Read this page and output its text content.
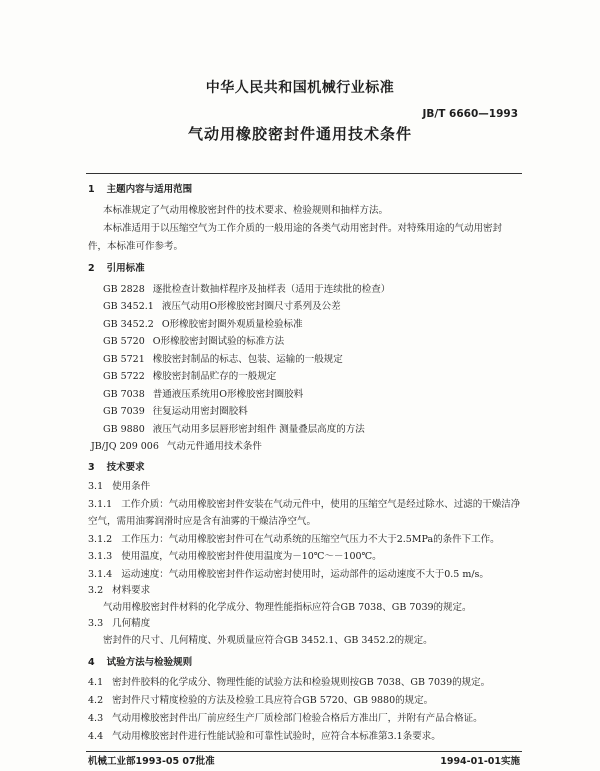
中华人民共和国机械行业标准
JB/T 6660—1993
气动用橡胶密封件通用技术条件
1 主题内容与适用范围
本标准规定了气动用橡胶密封件的技术要求、检验规则和抽样方法。
本标准适用于以压缩空气为工作介质的一般用途的各类气动用密封件。对特殊用途的气动用密封
件，本标准可作参考。
2 引用标准
GB 2828 逐批检查计数抽样程序及抽样表（适用于连续批的检查）
GB 3452.1 液压气动用O形橡胶密封圈尺寸系列及公差
GB 3452.2 O形橡胶密封圈外观质量检验标准
GB 5720 O形橡胶密封圈试验的标准方法
GB 5721 橡胶密封制品的标志、包装、运输的一般规定
GB 5722 橡胶密封制品贮存的一般规定
GB 7038 普通液压系统用O形橡胶密封圈胶料
GB 7039 往复运动用密封圈胶料
GB 9880 液压气动用多层唇形密封组件 测量叠层高度的方法
JB/JQ 209 006 气动元件通用技术条件
3 技术要求
3.1 使用条件
3.1.1 工作介质：气动用橡胶密封件安装在气动元件中，使用的压缩空气是经过除水、过滤的干燥洁净
空气，需用油雾润滑时应是含有油雾的干燥洁净空气。
3.1.2 工作压力：气动用橡胶密封件可在气动系统的压缩空气压力不大于2.5MPa的条件下工作。
3.1.3 使用温度，气动用橡胶密封件使用温度为－10℃～－100℃。
3.1.4 运动速度：气动用橡胶密封件作运动密封使用时，运动部件的运动速度不大于0.5 m/s。
3.2 材料要求
气动用橡胶密封件材料的化学成分、物理性能指标应符合GB 7038、GB 7039的规定。
3.3 几何精度
密封件的尺寸、几何精度、外观质量应符合GB 3452.1、GB 3452.2的规定。
4 试验方法与检验规则
4.1 密封件胶料的化学成分、物理性能的试验方法和检验规则按GB 7038、GB 7039的规定。
4.2 密封件尺寸精度检验的方法及检验工具应符合GB 5720、GB 9880的规定。
4.3 气动用橡胶密封件出厂前应经生产厂质检部门检验合格后方准出厂，并附有产品合格证。
4.4 气动用橡胶密封件进行性能试验和可靠性试验时，应符合本标准第3.1条要求。
机械工业部1993-05 07批准	1994-01-01实施
